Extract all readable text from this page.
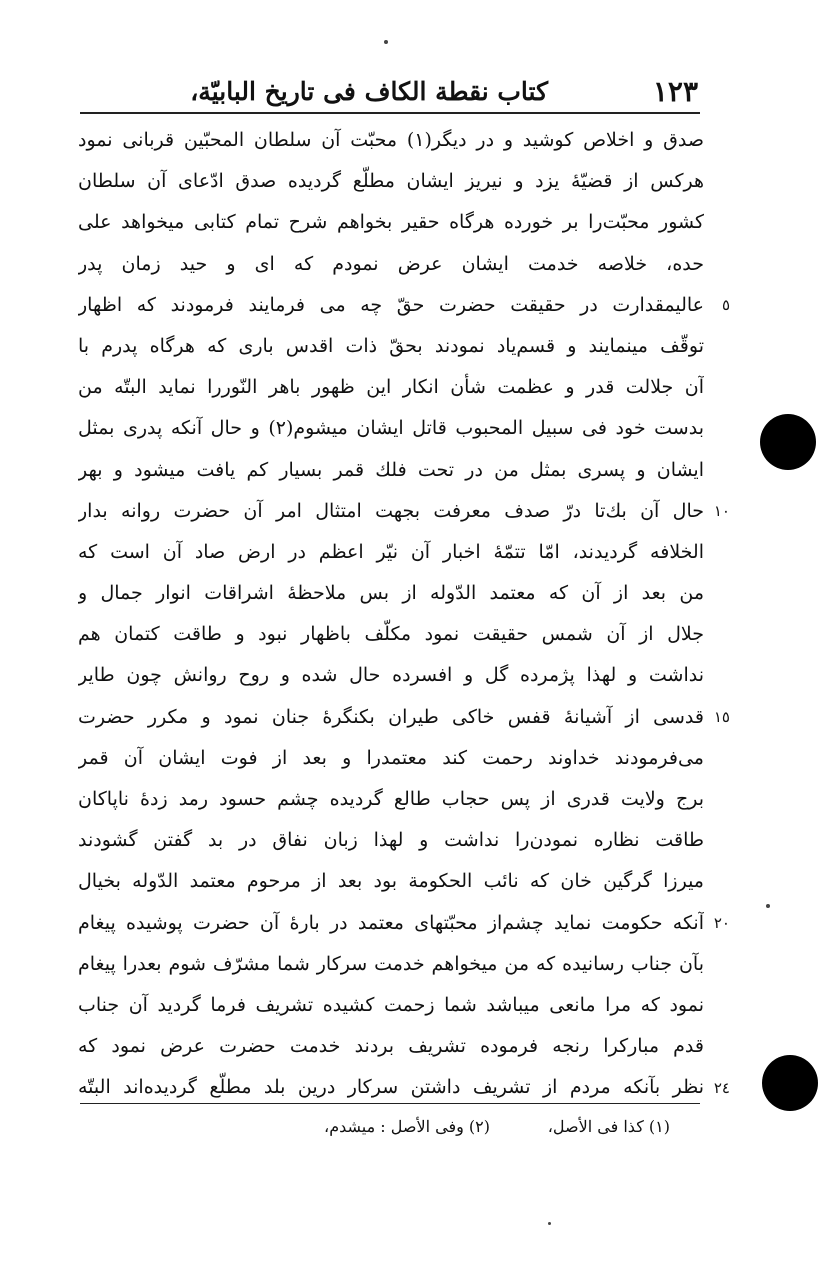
١٢٣
كتاب نقطة الكاف فى تاريخ البابيّة،
صدق و اخلاص كوشيد و در ديگر(١) محبّت آن سلطان المحبّين قربانى نمود
هركس از قضيّهٔ يزد و نيريز ايشان مطلّع گرديده صدق ادّعاى آن سلطان
كشور محبّت‌را بر خورده هرگاه حقير بخواهم شرح تمام كتابى ميخواهد على
حده، خلاصه خدمت ايشان عرض نمودم كه اى و حيد زمان پدر
عاليمقدارت در حقيقت حضرت حقّ چه مى فرمايند فرمودند كه اظهار
توقّف مينمايند و قسم‌ياد نمودند بحقّ ذات اقدس بارى كه هرگاه پدرم با
آن جلالت قدر و عظمت شأن انكار اين ظهور باهر النّوررا نمايد البتّه من
بدست خود فى سبيل المحبوب قاتل ايشان ميشوم(٢) و حال آنكه پدرى بمثل
ايشان و پسرى بمثل من در تحت فلك قمر بسيار كم يافت ميشود و بهر
حال آن بك‌تا درّ صدف معرفت بجهت امتثال امر آن حضرت روانه بدار
الخلافه گرديدند، امّا تتمّهٔ اخبار آن نيّر اعظم در ارض صاد آن است كه
من بعد از آن كه معتمد الدّوله از بس ملاحظهٔ اشراقات انوار جمال و
جلال از آن شمس حقيقت نمود مكلّف باظهار نبود و طاقت كتمان هم
نداشت و لهذا پژمرده گل و افسرده حال شده و روح روانش چون طاير
قدسى از آشيانهٔ قفس خاكى طيران بكنگرهٔ جنان نمود و مكرر حضرت
مى‌فرمودند خداوند رحمت كند معتمدرا و بعد از فوت ايشان آن قمر
برج ولايت قدرى از پس حجاب طالع گرديده چشم حسود رمد زدهٔ ناپاكان
طاقت نظاره نمودن‌را نداشت و لهذا زبان نفاق در بد گفتن گشودند
ميرزا گرگين خان كه نائب الحكومة بود بعد از مرحوم معتمد الدّوله بخيال
آنكه حكومت نمايد چشم‌از محبّتهاى معتمد در بارهٔ آن حضرت پوشيده پيغام
بآن جناب رسانيده كه من ميخواهم خدمت سركار شما مشرّف شوم بعدرا پيغام
نمود كه مرا مانعى ميباشد شما زحمت كشيده تشريف فرما گرديد آن جناب
قدم مباركرا رنجه فرموده تشريف بردند خدمت حضرت عرض نمود كه
نظر بآنكه مردم از تشريف داشتن سركار درين بلد مطلّع گرديده‌اند البتّه
٥
١٠
١٥
٢٠
٢٤
(١) كذا فى الأصل،
(٢) وفى الأصل : ميشدم،
